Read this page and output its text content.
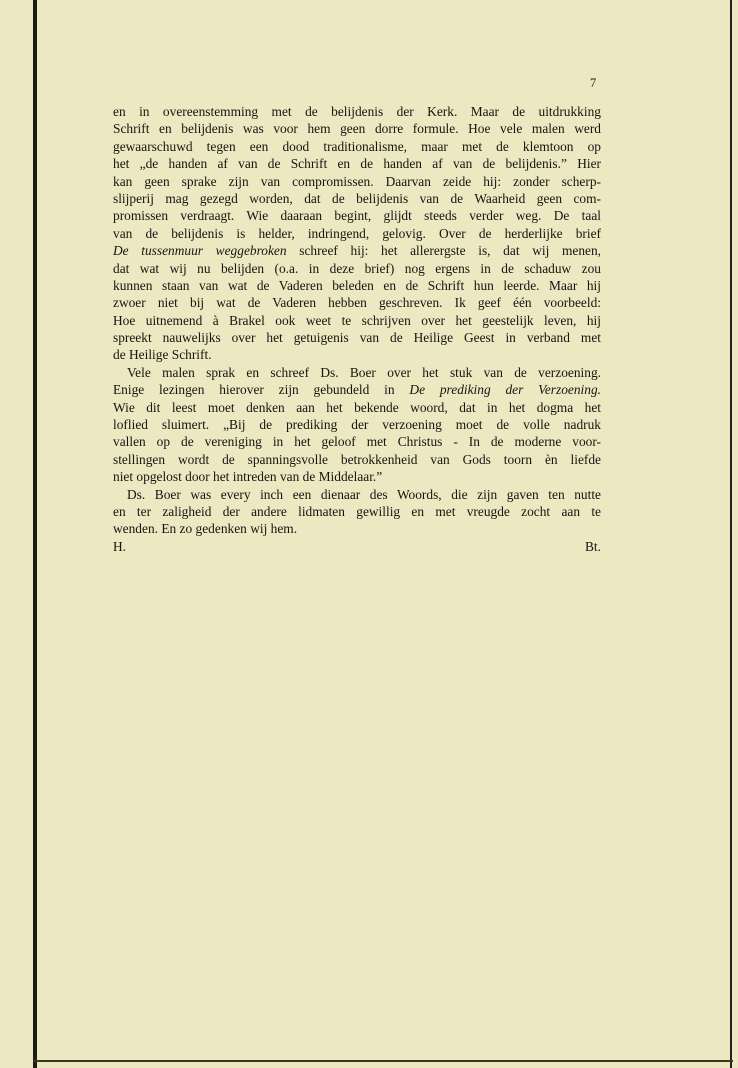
7
en in overeenstemming met de belijdenis der Kerk. Maar de uitdrukking
Schrift en belijdenis was voor hem geen dorre formule. Hoe vele malen werd
gewaarschuwd tegen een dood traditionalisme, maar met de klemtoon op
het „de handen af van de Schrift en de handen af van de belijdenis.” Hier
kan geen sprake zijn van compromissen. Daarvan zeide hij: zonder scherp-
slijperij mag gezegd worden, dat de belijdenis van de Waarheid geen com-
promissen verdraagt. Wie daaraan begint, glijdt steeds verder weg. De taal
van de belijdenis is helder, indringend, gelovig. Over de herderlijke brief
De tussenmuur weggebroken schreef hij: het allerergste is, dat wij menen,
dat wat wij nu belijden (o.a. in deze brief) nog ergens in de schaduw zou
kunnen staan van wat de Vaderen beleden en de Schrift hun leerde. Maar hij
zwoer niet bij wat de Vaderen hebben geschreven. Ik geef één voorbeeld:
Hoe uitnemend à Brakel ook weet te schrijven over het geestelijk leven, hij
spreekt nauwelijks over het getuigenis van de Heilige Geest in verband met
de Heilige Schrift.
Vele malen sprak en schreef Ds. Boer over het stuk van de verzoening.
Enige lezingen hierover zijn gebundeld in De prediking der Verzoening.
Wie dit leest moet denken aan het bekende woord, dat in het dogma het
loflied sluimert. „Bij de prediking der verzoening moet de volle nadruk
vallen op de vereniging in het geloof met Christus - In de moderne voor-
stellingen wordt de spanningsvolle betrokkenheid van Gods toorn èn liefde
niet opgelost door het intreden van de Middelaar.”
Ds. Boer was every inch een dienaar des Woords, die zijn gaven ten nutte
en ter zaligheid der andere lidmaten gewillig en met vreugde zocht aan te
wenden. En zo gedenken wij hem.
H.	Bt.
